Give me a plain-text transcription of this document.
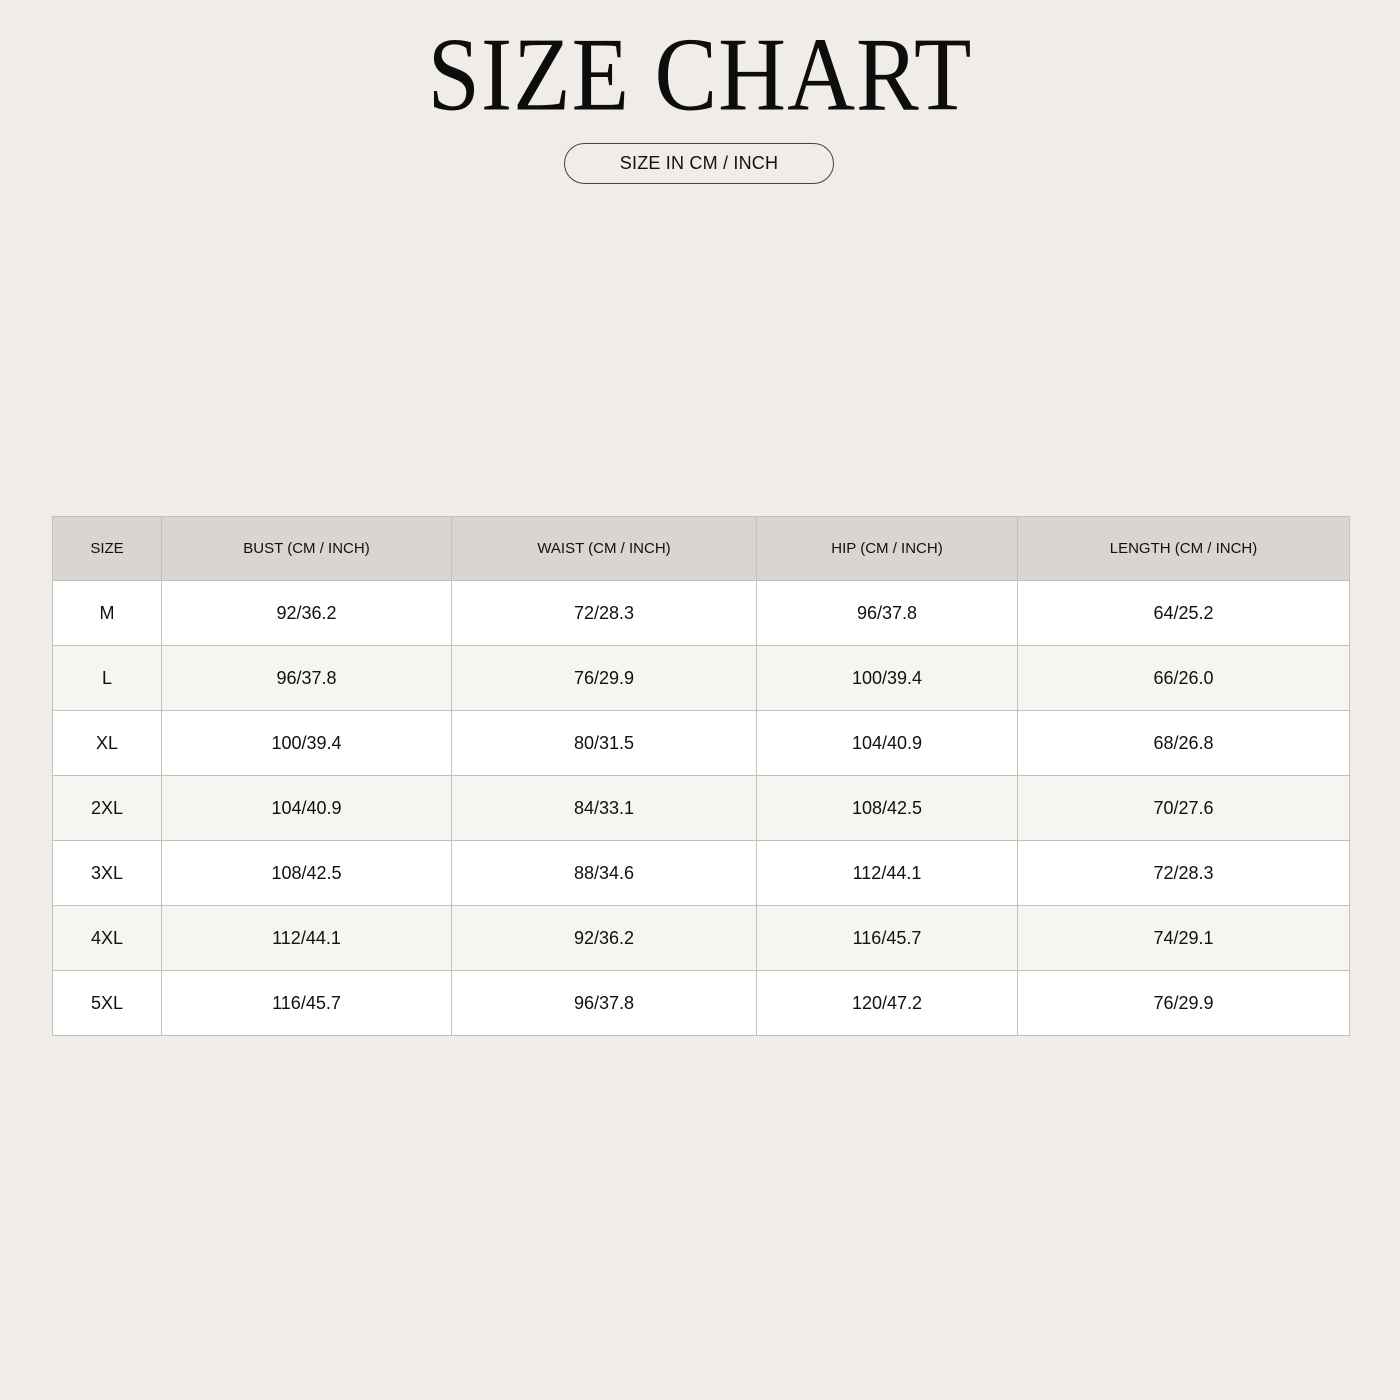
SIZE CHART
SIZE IN CM / INCH
SIZE	BUST (CM / INCH)	WAIST (CM / INCH)	HIP (CM / INCH)	LENGTH (CM / INCH)
M	92/36.2	72/28.3	96/37.8	64/25.2
L	96/37.8	76/29.9	100/39.4	66/26.0
XL	100/39.4	80/31.5	104/40.9	68/26.8
2XL	104/40.9	84/33.1	108/42.5	70/27.6
3XL	108/42.5	88/34.6	112/44.1	72/28.3
4XL	112/44.1	92/36.2	116/45.7	74/29.1
5XL	116/45.7	96/37.8	120/47.2	76/29.9
